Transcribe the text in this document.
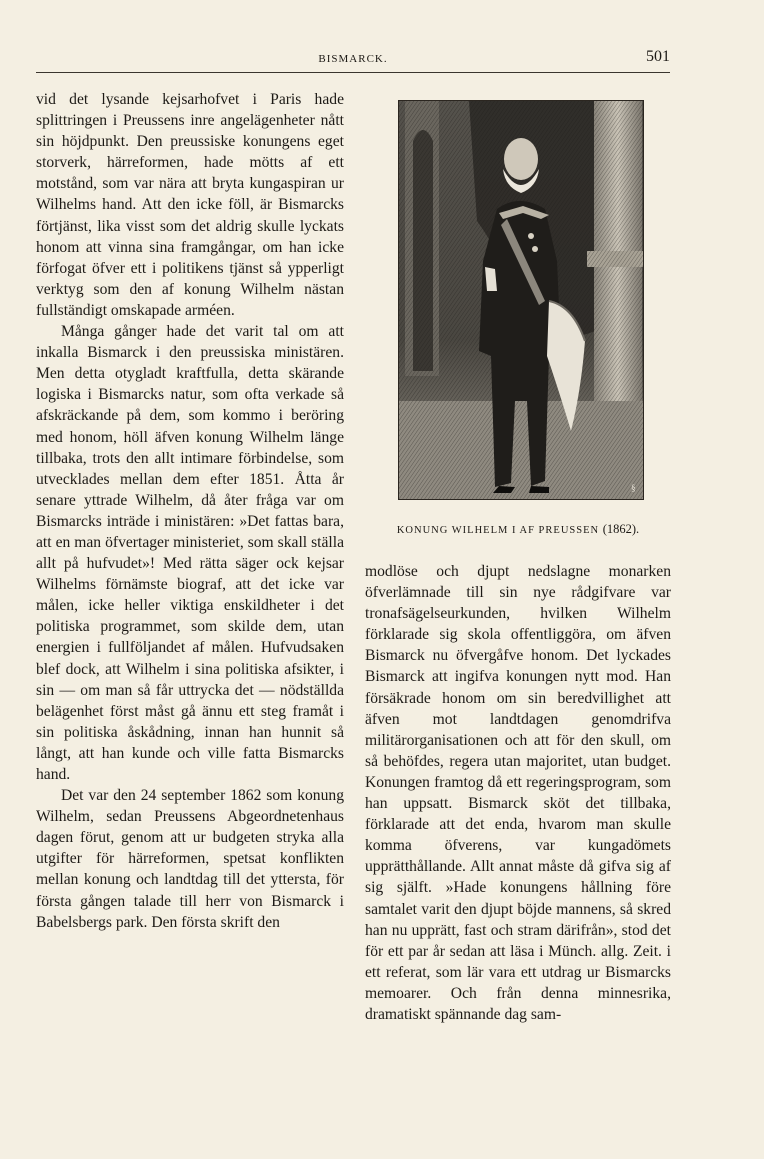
BISMARCK.	501

vid det lysande kejsarhofvet i Paris hade splittringen i Preussens inre angelägenheter nått sin höjdpunkt. Den preussiske konungens eget storverk, härreformen, hade mötts af ett motstånd, som var nära att bryta kungaspiran ur Wilhelms hand. Att den icke föll, är Bismarcks förtjänst, lika visst som det aldrig skulle lyckats honom att vinna sina framgångar, om han icke förfogat öfver ett i politikens tjänst så ypperligt verktyg som den af konung Wilhelm nästan fullständigt omskapade arméen.

Många gånger hade det varit tal om att inkalla Bismarck i den preussiska ministären. Men detta otygladt kraftfulla, detta skärande logiska i Bismarcks natur, som ofta verkade så afskräckande på dem, som kommo i beröring med honom, höll äfven konung Wilhelm länge tillbaka, trots den allt intimare förbindelse, som utvecklades mellan dem efter 1851. Åtta år senare yttrade Wilhelm, då åter fråga var om Bismarcks inträde i ministären: »Det fattas bara, att en man öfvertager ministeriet, som skall ställa allt på hufvudet»! Med rätta säger ock kejsar Wilhelms förnämste biograf, att det icke var målen, icke heller viktiga enskildheter i det politiska programmet, som skilde dem, utan energien i fullföljandet af målen. Hufvudsaken blef dock, att Wilhelm i sina politiska afsikter, i sin — om man så får uttrycka det — nödställda belägenhet först måst gå ännu ett steg framåt i sin politiska åskådning, innan han hunnit så långt, att han kunde och ville fatta Bismarcks hand.

Det var den 24 september 1862 som konung Wilhelm, sedan Preussens Abgeordnetenhaus dagen förut, genom att ur budgeten stryka alla utgifter för härreformen, spetsat konflikten mellan konung och landtdag till det yttersta, för första gången talade till herr von Bismarck i Babelsbergs park. Den första skrift den

§
KONUNG WILHELM I AF PREUSSEN (1862).

modlöse och djupt nedslagne monarken öfverlämnade till sin nye rådgifvare var tronafsägelseurkunden, hvilken Wilhelm förklarade sig skola offentliggöra, om äfven Bismarck nu öfvergåfve honom. Det lyckades Bismarck att ingifva konungen nytt mod. Han försäkrade honom om sin beredvillighet att äfven mot landtdagen genomdrifva militärorganisationen och att för den skull, om så behöfdes, regera utan majoritet, utan budget. Konungen framtog då ett regeringsprogram, som han uppsatt. Bismarck sköt det tillbaka, förklarade att det enda, hvarom man skulle komma öfverens, var kungadömets upprätthållande. Allt annat måste då gifva sig af sig själft. »Hade konungens hållning före samtalet varit den djupt böjde mannens, så skred han nu upprätt, fast och stram därifrån», stod det för ett par år sedan att läsa i Münch. allg. Zeit. i ett referat, som lär vara ett utdrag ur Bismarcks memoarer. Och från denna minnesrika, dramatiskt spännande dag sam-
